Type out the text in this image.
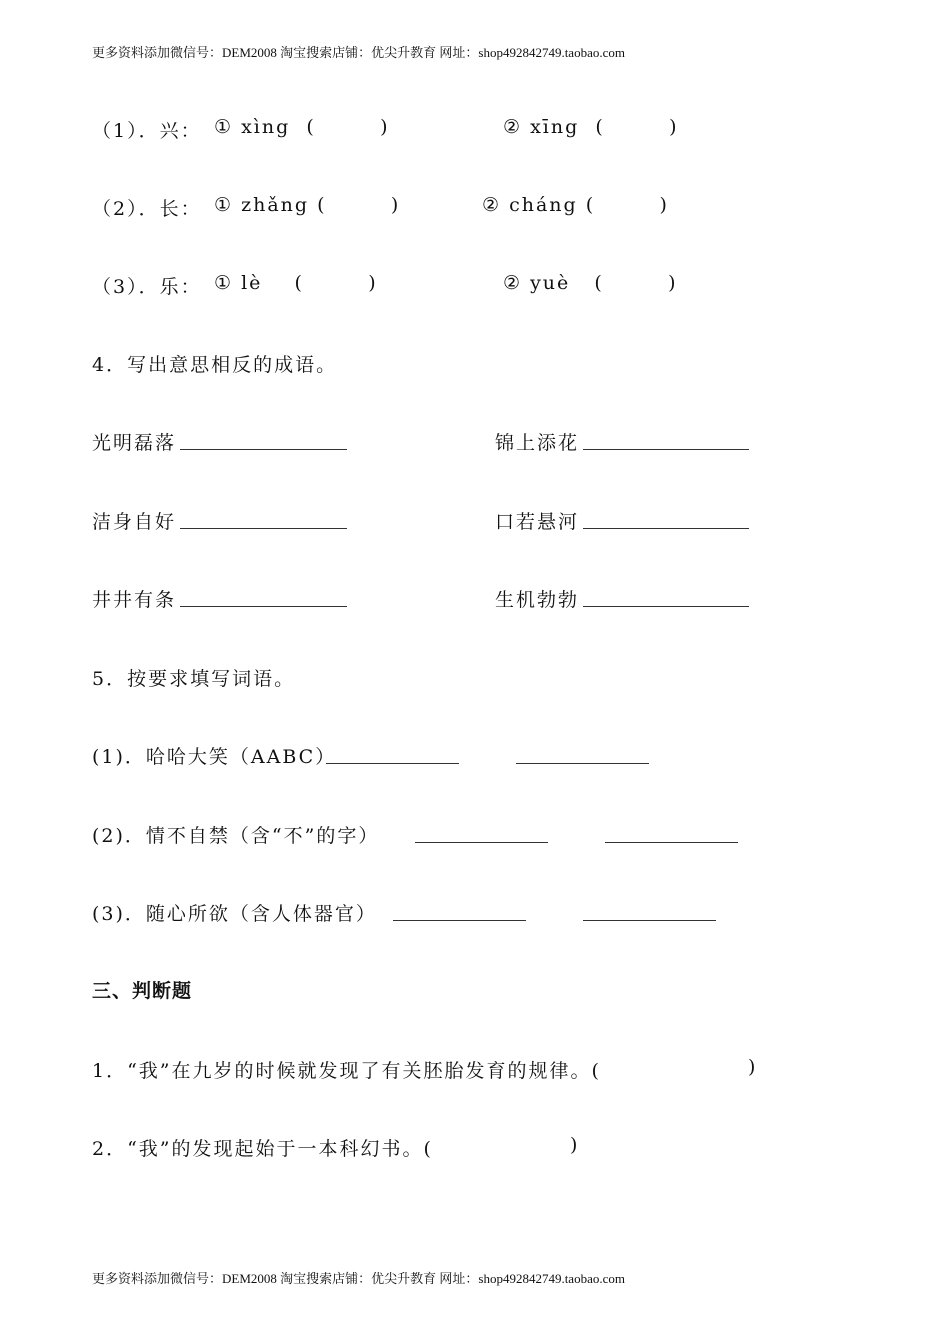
更多资料添加微信号：DEM2008 淘宝搜索店铺：优尖升教育 网址：shop492842749.taobao.com
（1）．兴： ① xìng  (        )	② xīng  (        )
（2）．长： ① zhǎng (        )	② cháng (        )
（3）．乐： ① lè    (        )	② yuè   (        )
4．写出意思相反的成语。
光明磊落	锦上添花
洁身自好	口若悬河
井井有条	生机勃勃
5．按要求填写词语。
(1)．哈哈大笑（AABC）
(2)．情不自禁（含“不”的字）
(3)．随心所欲（含人体器官）
三、判断题
1．“我”在九岁的时候就发现了有关胚胎发育的规律。(	)
2．“我”的发现起始于一本科幻书。(	)
更多资料添加微信号：DEM2008 淘宝搜索店铺：优尖升教育 网址：shop492842749.taobao.com
